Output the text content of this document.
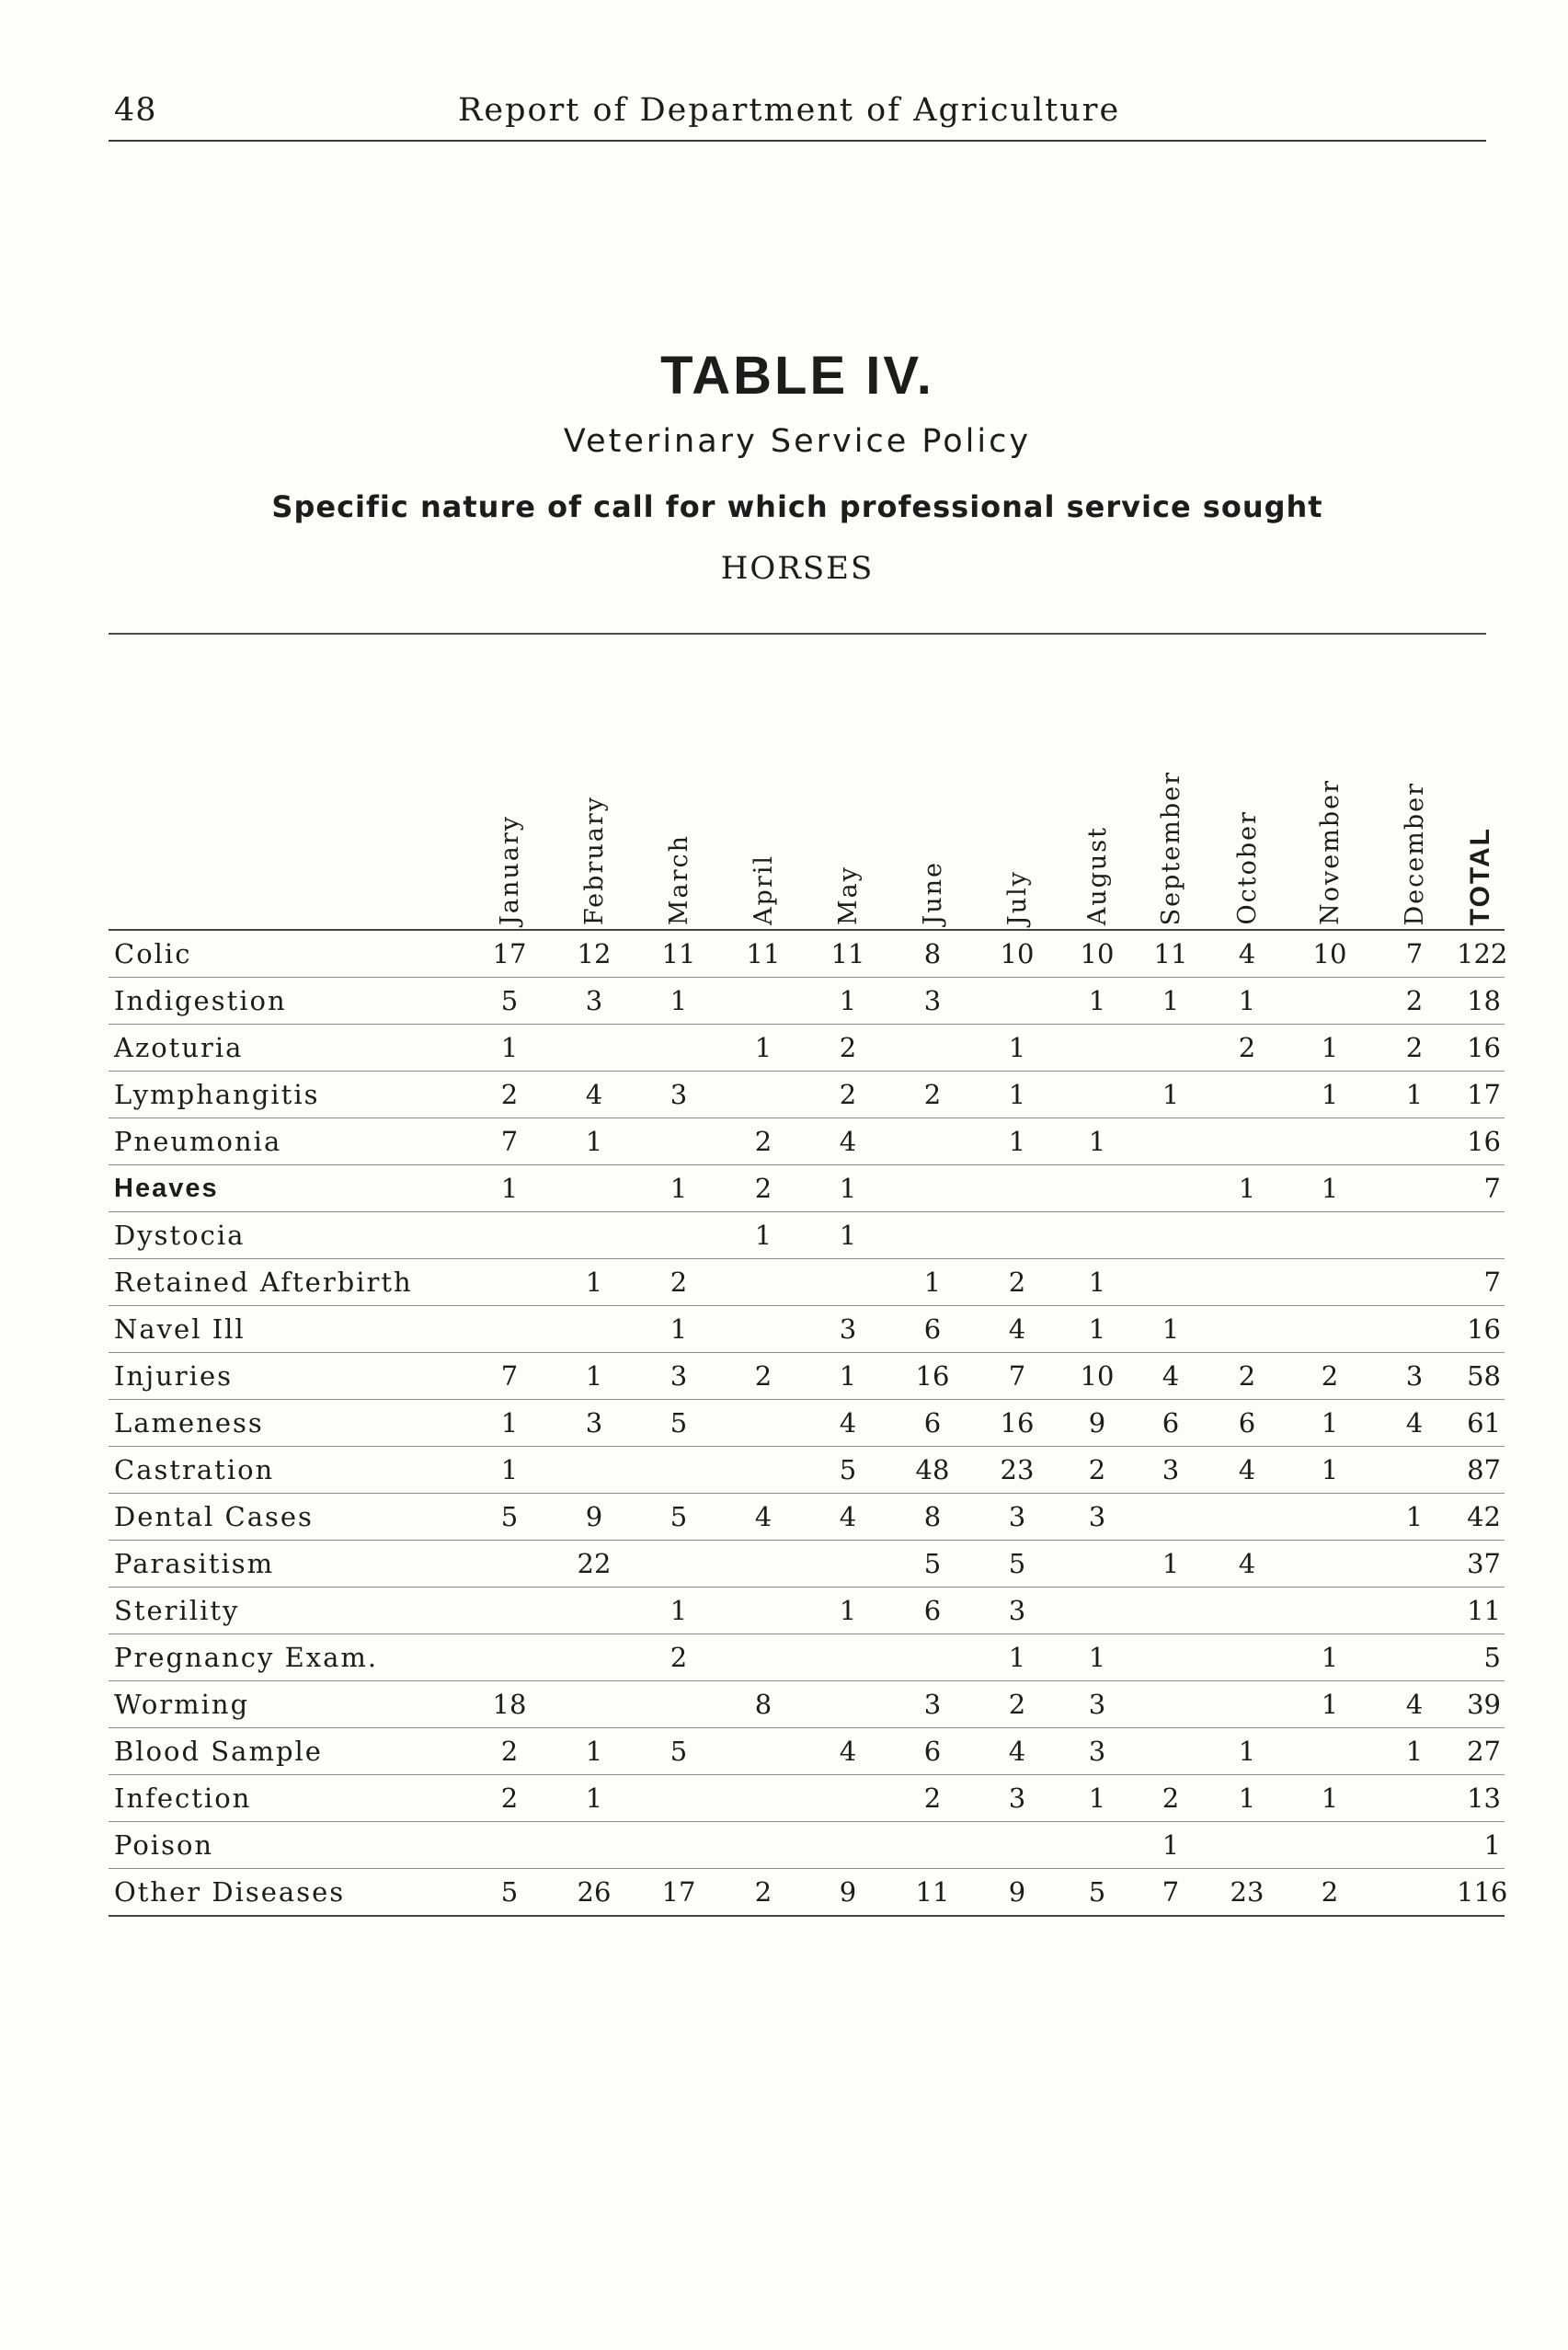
48	Report of Department of Agriculture
TABLE IV.
Veterinary Service Policy
Specific nature of call for which professional service sought
HORSES

	January	February	March	April	May	June	July	August	September	October	November	December	TOTAL

Colic	17	12	11	11	11	8	10	10	11	4	10	7	122
Indigestion	5	3	1		1	3		1	1	1		2	18
Azoturia	1			1	2		1			2	1	2	16
Lymphangitis	2	4	3		2	2	1		1		1	1	17
Pneumonia	7	1		2	4		1	1					16
Heaves	1		1	2	1					1	1		7
Dystocia				1	1								
Retained Afterbirth		1	2			1	2	1					7
Navel Ill			1		3	6	4	1	1				16
Injuries	7	1	3	2	1	16	7	10	4	2	2	3	58
Lameness	1	3	5		4	6	16	9	6	6	1	4	61
Castration	1				5	48	23	2	3	4	1		87
Dental Cases	5	9	5	4	4	8	3	3				1	42
Parasitism		22				5	5		1	4			37
Sterility			1		1	6	3						11
Pregnancy Exam.			2				1	1			1		5
Worming	18			8		3	2	3			1	4	39
Blood Sample	2	1	5		4	6	4	3		1		1	27
Infection	2	1				2	3	1	2	1	1		13
Poison									1				1
Other Diseases	5	26	17	2	9	11	9	5	7	23	2		116
